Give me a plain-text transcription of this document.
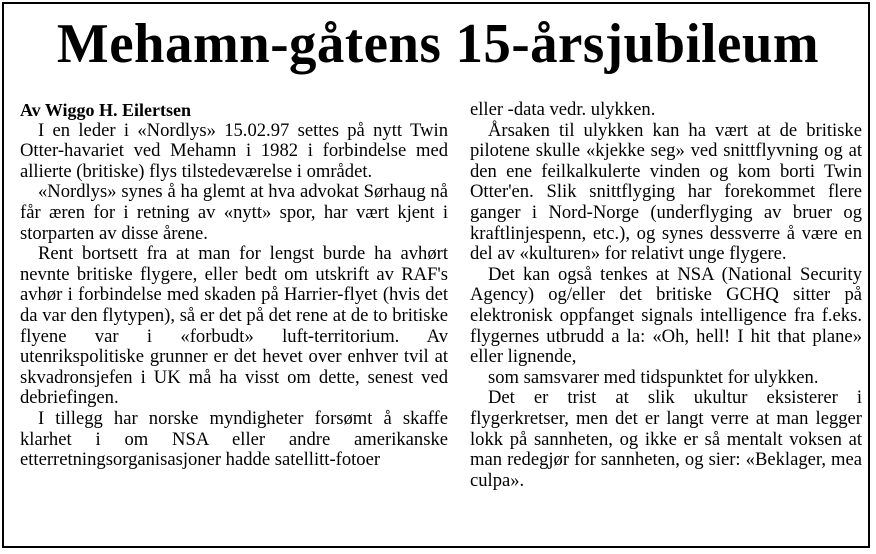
Mehamn-gåtens 15-årsjubileum
Av Wiggo H. Eilertsen

I en leder i «Nordlys» 15.02.97 settes på nytt Twin Otter-havariet ved Mehamn i 1982 i forbindelse med allierte (britiske) flys tilstedeværelse i området.

«Nordlys» synes å ha glemt at hva advokat Sørhaug nå får æren for i retning av «nytt» spor, har vært kjent i storparten av disse årene.

Rent bortsett fra at man for lengst burde ha avhørt nevnte britiske flygere, eller bedt om utskrift av RAF's avhør i forbindelse med skaden på Harrier-flyet (hvis det da var den flytypen), så er det på det rene at de to britiske flyene var i «forbudt» luft-territorium. Av utenrikspolitiske grunner er det hevet over enhver tvil at skvadronsjefen i UK må ha visst om dette, senest ved debriefingen.

I tillegg har norske myndigheter forsømt å skaffe klarhet i om NSA eller andre amerikanske etterretningsorganisasjoner hadde satellitt-fotoer

eller -data vedr. ulykken.

Årsaken til ulykken kan ha vært at de britiske pilotene skulle «kjekke seg» ved snittflyvning og at den ene feilkalkulerte vinden og kom borti Twin Otter'en. Slik snittflyging har forekommet flere ganger i Nord-Norge (underflyging av bruer og kraftlinjespenn, etc.), og synes dessverre å være en del av «kulturen» for relativt unge flygere.

Det kan også tenkes at NSA (National Security Agency) og/eller det britiske GCHQ sitter på elektronisk oppfanget signals intelligence fra f.eks. flygernes utbrudd a la: «Oh, hell! I hit that plane» eller lignende,

som samsvarer med tidspunktet for ulykken.

Det er trist at slik ukultur eksisterer i flygerkretser, men det er langt verre at man legger lokk på sannheten, og ikke er så mentalt voksen at man redegjør for sannheten, og sier: «Beklager, mea culpa».
